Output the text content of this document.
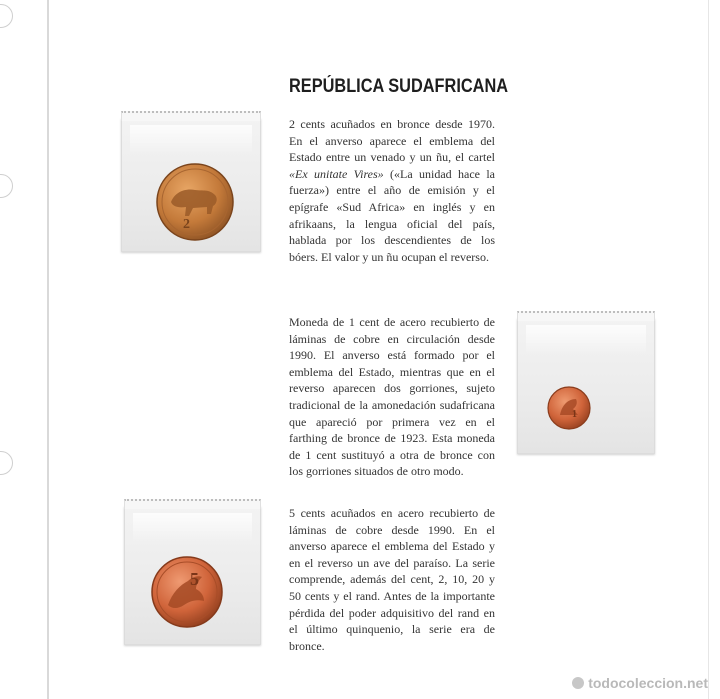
REPÚBLICA SUDAFRICANA
2

2 cents acuñados en bronce desde 1970. En el anverso aparece el emblema del Estado entre un venado y un ñu, el cartel «Ex unitate Vires» («La unidad hace la fuerza») entre el año de emisión y el epígrafe «Sud Africa» en inglés y en afrikaans, la lengua oficial del país, hablada por los descendientes de los bóers. El valor y un ñu ocupan el reverso.

Moneda de 1 cent de acero recubierto de láminas de cobre en circulación desde 1990. El anverso está formado por el emblema del Estado, mientras que en el reverso aparecen dos gorriones, sujeto tradicional de la amonedación sudafricana que apareció por primera vez en el farthing de bronce de 1923. Esta moneda de 1 cent sustituyó a otra de bronce con los gorriones situados de otro modo.

1
5

5 cents acuñados en acero recubierto de láminas de cobre desde 1990. En el anverso aparece el emblema del Estado y en el reverso un ave del paraíso. La serie comprende, además del cent, 2, 10, 20 y 50 cents y el rand. Antes de la importante pérdida del poder adquisitivo del rand en el último quinquenio, la serie era de bronce.

todocoleccion.net
